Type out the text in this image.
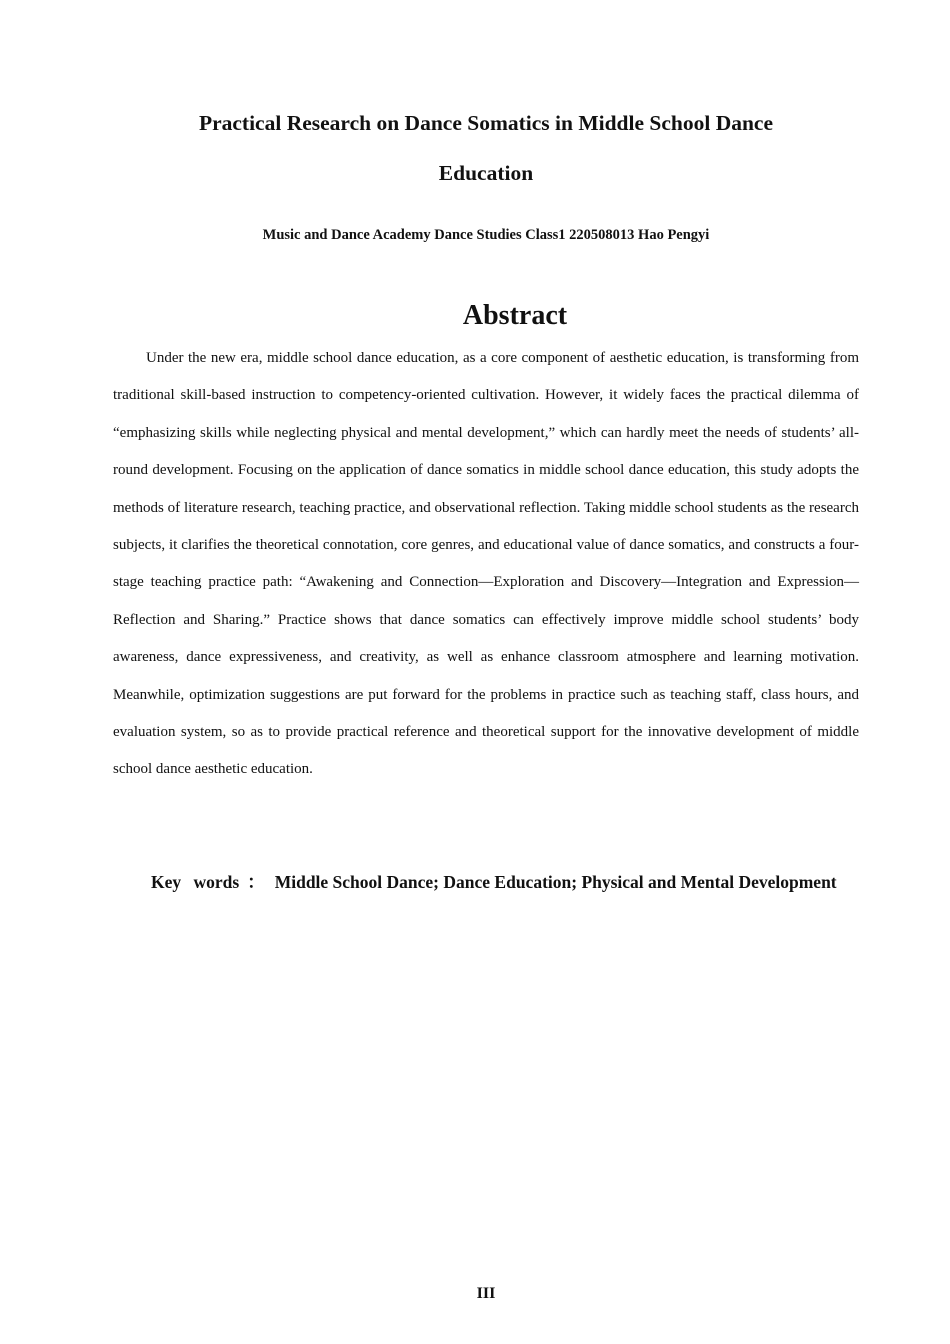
Practical Research on Dance Somatics in Middle School Dance
Education

Music and Dance Academy Dance Studies Class1 220508013 Hao Pengyi

Abstract

Under the new era, middle school dance education, as a core component of aesthetic education, is transforming from traditional skill-based instruction to competency-oriented cultivation. However, it widely faces the practical dilemma of “emphasizing skills while neglecting physical and mental development,” which can hardly meet the needs of students’ all-round development. Focusing on the application of dance somatics in middle school dance education, this study adopts the methods of literature research, teaching practice, and observational reflection. Taking middle school students as the research subjects, it clarifies the theoretical connotation, core genres, and educational value of dance somatics, and constructs a four-stage teaching practice path: “Awakening and Connection—Exploration and Discovery—Integration and Expression—Reflection and Sharing.” Practice shows that dance somatics can effectively improve middle school students’ body awareness, dance expressiveness, and creativity, as well as enhance classroom atmosphere and learning motivation. Meanwhile, optimization suggestions are put forward for the problems in practice such as teaching staff, class hours, and evaluation system, so as to provide practical reference and theoretical support for the innovative development of middle school dance aesthetic education.

Key words ： Middle School Dance; Dance Education; Physical and Mental Development

III
